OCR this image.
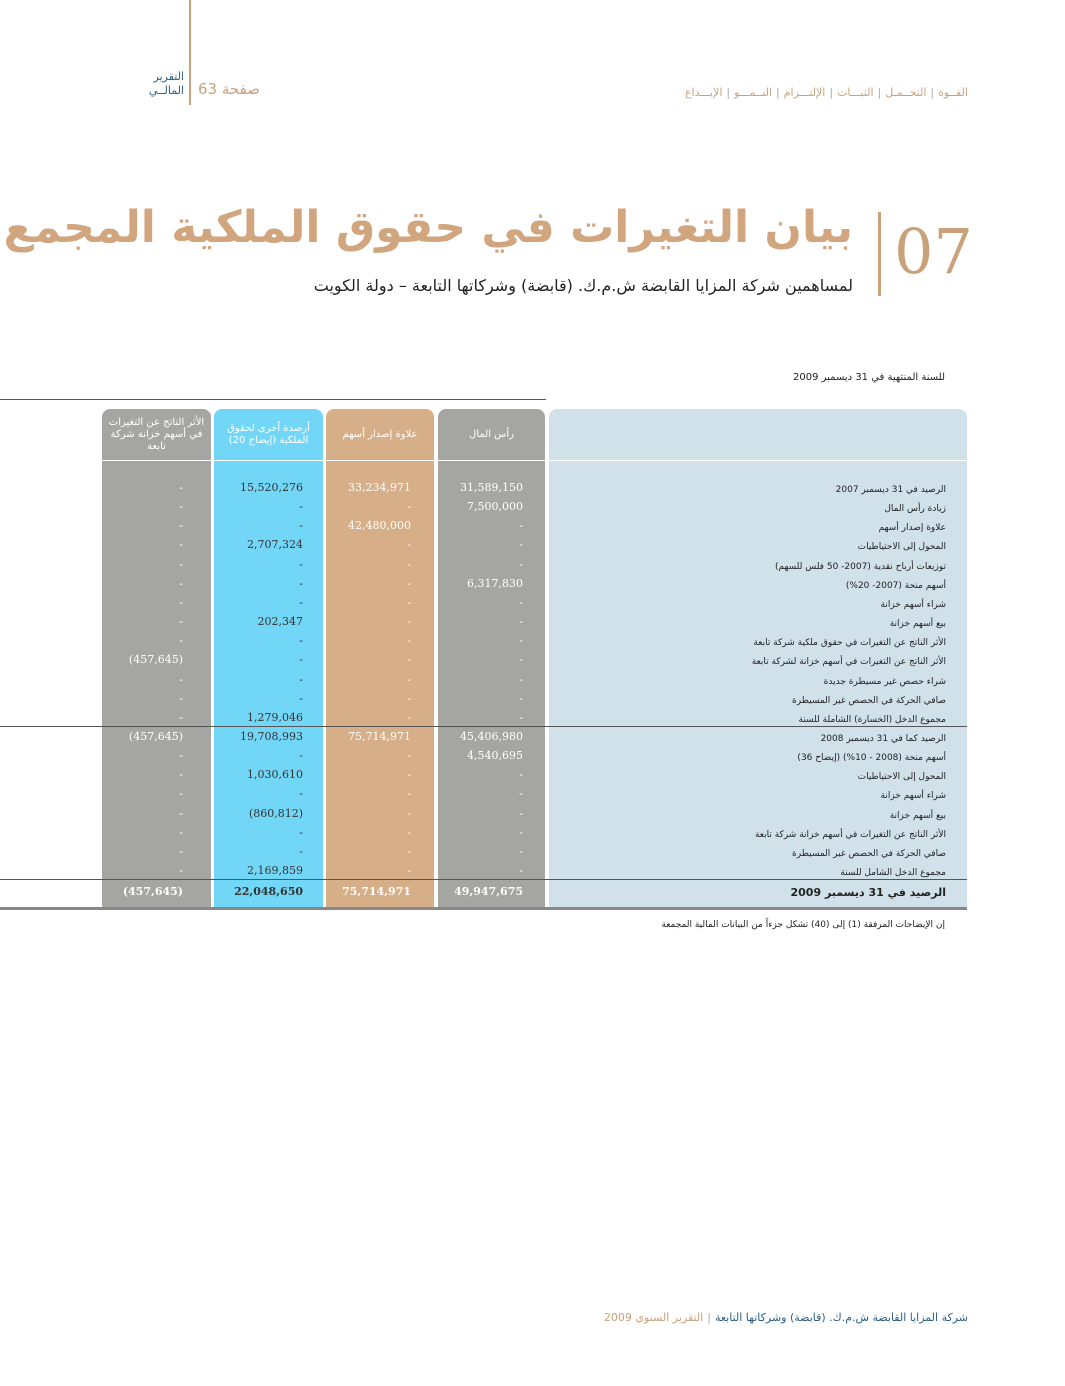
التقرير
المالــي 63 صفحة	القــوة|التحــمـل|الثبـــات|الإلتـــزام|النــمـــو|الإبـــداع
07
بيان التغيرات في حقوق الملكية المجمع
لمساهمين شركة المزايا القابضة ش.م.ك. (قابضة) وشركاتها التابعة – دولة الكويت
للسنة المنتهية في 31 ديسمبر 2009
رأس المال
علاوة إصدار أسهم
أرصدة أخرى لحقوق الملكية (إيضاح 20)
الأثر الناتج عن التغيرات في أسهم خزانة شركة تابعة
الرصيد في 31 ديسمبر 2007
31,589,150
33,234,971
15,520,276
-
زيادة رأس المال
7,500,000
-
-
-
علاوة إصدار أسهم
-
42,480,000
-
-
المحول إلى الاحتياطيات
-
-
2,707,324
-
توزيعات أرباح نقدية (2007- 50 فلس للسهم)
-
-
-
-
أسهم منحة (2007- 20%)
6,317,830
-
-
-
شراء أسهم خزانة
-
-
-
-
بيع أسهم خزانة
-
-
202,347
-
الأثر الناتج عن التغيرات في حقوق ملكية شركة تابعة
-
-
-
-
الأثر الناتج عن التغيرات في أسهم خزانة لشركة تابعة
-
-
-
(457,645)
شراء حصص غير مسيطرة جديدة
-
-
-
-
صافي الحركة في الحصص غير المسيطرة
-
-
-
-
مجموع الدخل (الخسارة) الشاملة للسنة
-
-
1,279,046
-
الرصيد كما في 31 ديسمبر 2008
45,406,980
75,714,971
19,708,993
(457,645)
أسهم منحة (2008 - 10%) (إيضاح 36)
4,540,695
-
-
-
المحول إلى الاحتياطيات
-
-
1,030,610
-
شراء أسهم خزانة
-
-
-
-
بيع أسهم خزانة
-
-
(860,812)
-
الأثر الناتج عن التغيرات في أسهم خزانة شركة تابعة
-
-
-
-
صافي الحركة في الحصص غير المسيطرة
-
-
-
-
مجموع الدخل الشامل للسنة
-
-
2,169,859
-
الرصيد في 31 ديسمبر 2009
49,947,675
75,714,971
22,048,650
(457,645)
إن الإيضاحات المرفقة (1) إلى (40) تشكل جزءاً من البيانات المالية المجمعة
شركة المزايا القابضة ش.م.ك. (قابضة) وشركاتها التابعة|التقرير السنوي 2009
